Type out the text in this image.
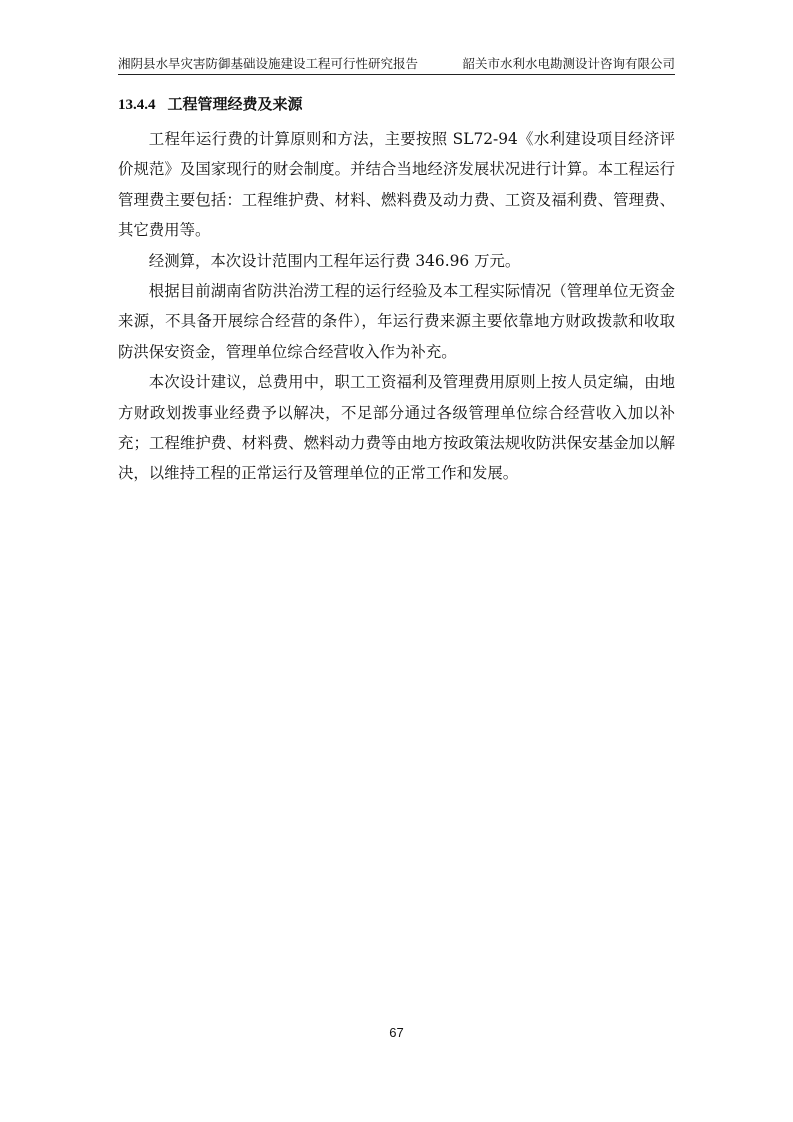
湘阴县水旱灾害防御基础设施建设工程可行性研究报告	韶关市水利水电勘测设计咨询有限公司
13.4.4 工程管理经费及来源

工程年运行费的计算原则和方法，主要按照 SL72-94《水利建设项目经济评价规范》及国家现行的财会制度。并结合当地经济发展状况进行计算。本工程运行管理费主要包括：工程维护费、材料、燃料费及动力费、工资及福利费、管理费、其它费用等。

经测算，本次设计范围内工程年运行费 346.96 万元。

根据目前湖南省防洪治涝工程的运行经验及本工程实际情况（管理单位无资金来源，不具备开展综合经营的条件），年运行费来源主要依靠地方财政拨款和收取防洪保安资金，管理单位综合经营收入作为补充。

本次设计建议，总费用中，职工工资福利及管理费用原则上按人员定编，由地方财政划拨事业经费予以解决，不足部分通过各级管理单位综合经营收入加以补充；工程维护费、材料费、燃料动力费等由地方按政策法规收防洪保安基金加以解决，以维持工程的正常运行及管理单位的正常工作和发展。

67
